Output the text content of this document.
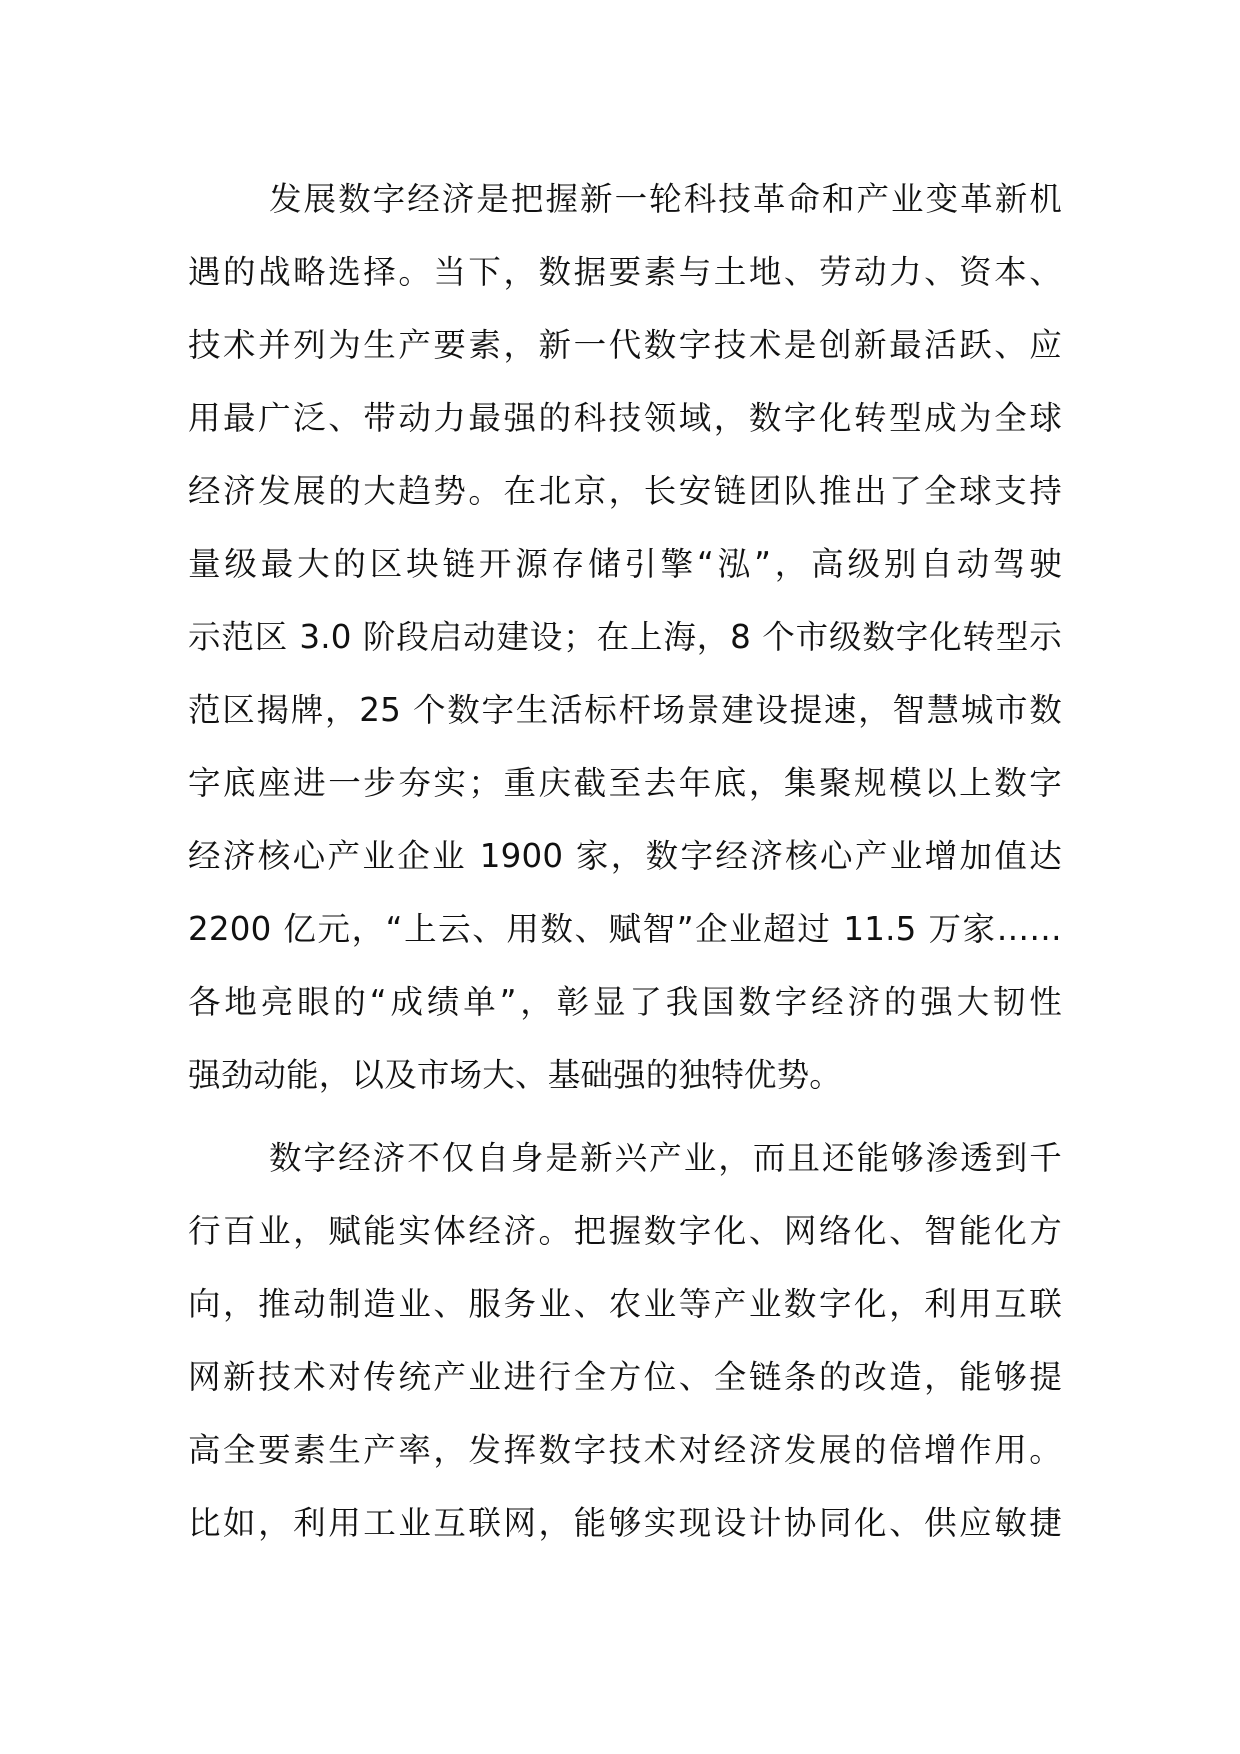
发展数字经济是把握新一轮科技革命和产业变革新机
遇的战略选择。当下，数据要素与土地、劳动力、资本、
技术并列为生产要素，新一代数字技术是创新最活跃、应
用最广泛、带动力最强的科技领域，数字化转型成为全球
经济发展的大趋势。在北京，长安链团队推出了全球支持
量级最大的区块链开源存储引擎“泓”，高级别自动驾驶
示范区 3.0 阶段启动建设；在上海，8 个市级数字化转型示
范区揭牌，25 个数字生活标杆场景建设提速，智慧城市数
字底座进一步夯实；重庆截至去年底，集聚规模以上数字
经济核心产业企业 1900 家，数字经济核心产业增加值达
2200 亿元，“上云、用数、赋智”企业超过 11.5 万家……
各地亮眼的“成绩单”，彰显了我国数字经济的强大韧性
强劲动能，以及市场大、基础强的独特优势。
数字经济不仅自身是新兴产业，而且还能够渗透到千
行百业，赋能实体经济。把握数字化、网络化、智能化方
向，推动制造业、服务业、农业等产业数字化，利用互联
网新技术对传统产业进行全方位、全链条的改造，能够提
高全要素生产率，发挥数字技术对经济发展的倍增作用。
比如，利用工业互联网，能够实现设计协同化、供应敏捷
